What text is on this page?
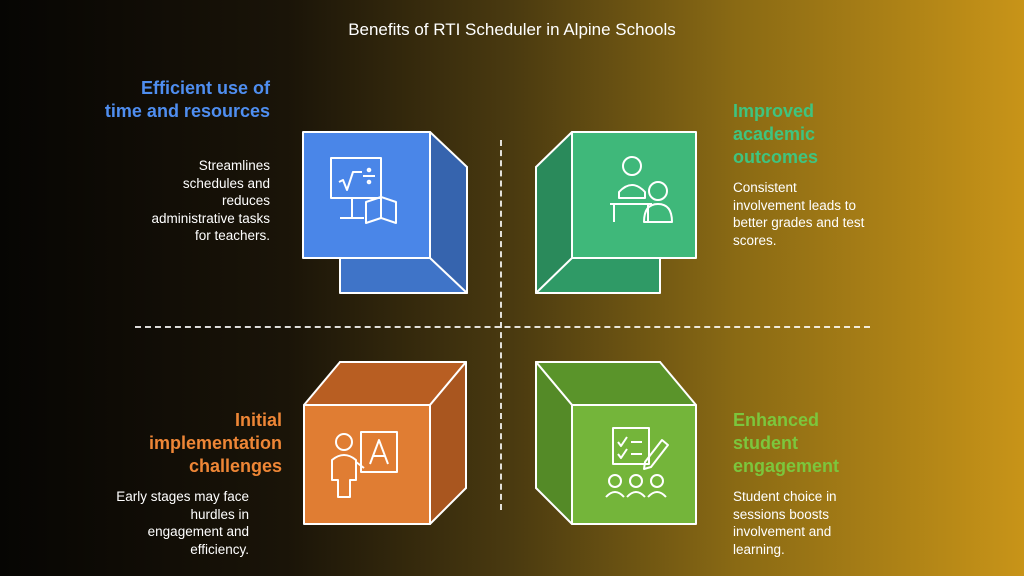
Benefits of RTI Scheduler in Alpine Schools
Efficient use of time and resources
Streamlines schedules and reduces administrative tasks for teachers.
Improved academic outcomes
Consistent involvement leads to better grades and test scores.
Initial implementation challenges
Early stages may face hurdles in engagement and efficiency.
Enhanced student engagement
Student choice in sessions boosts involvement and learning.
